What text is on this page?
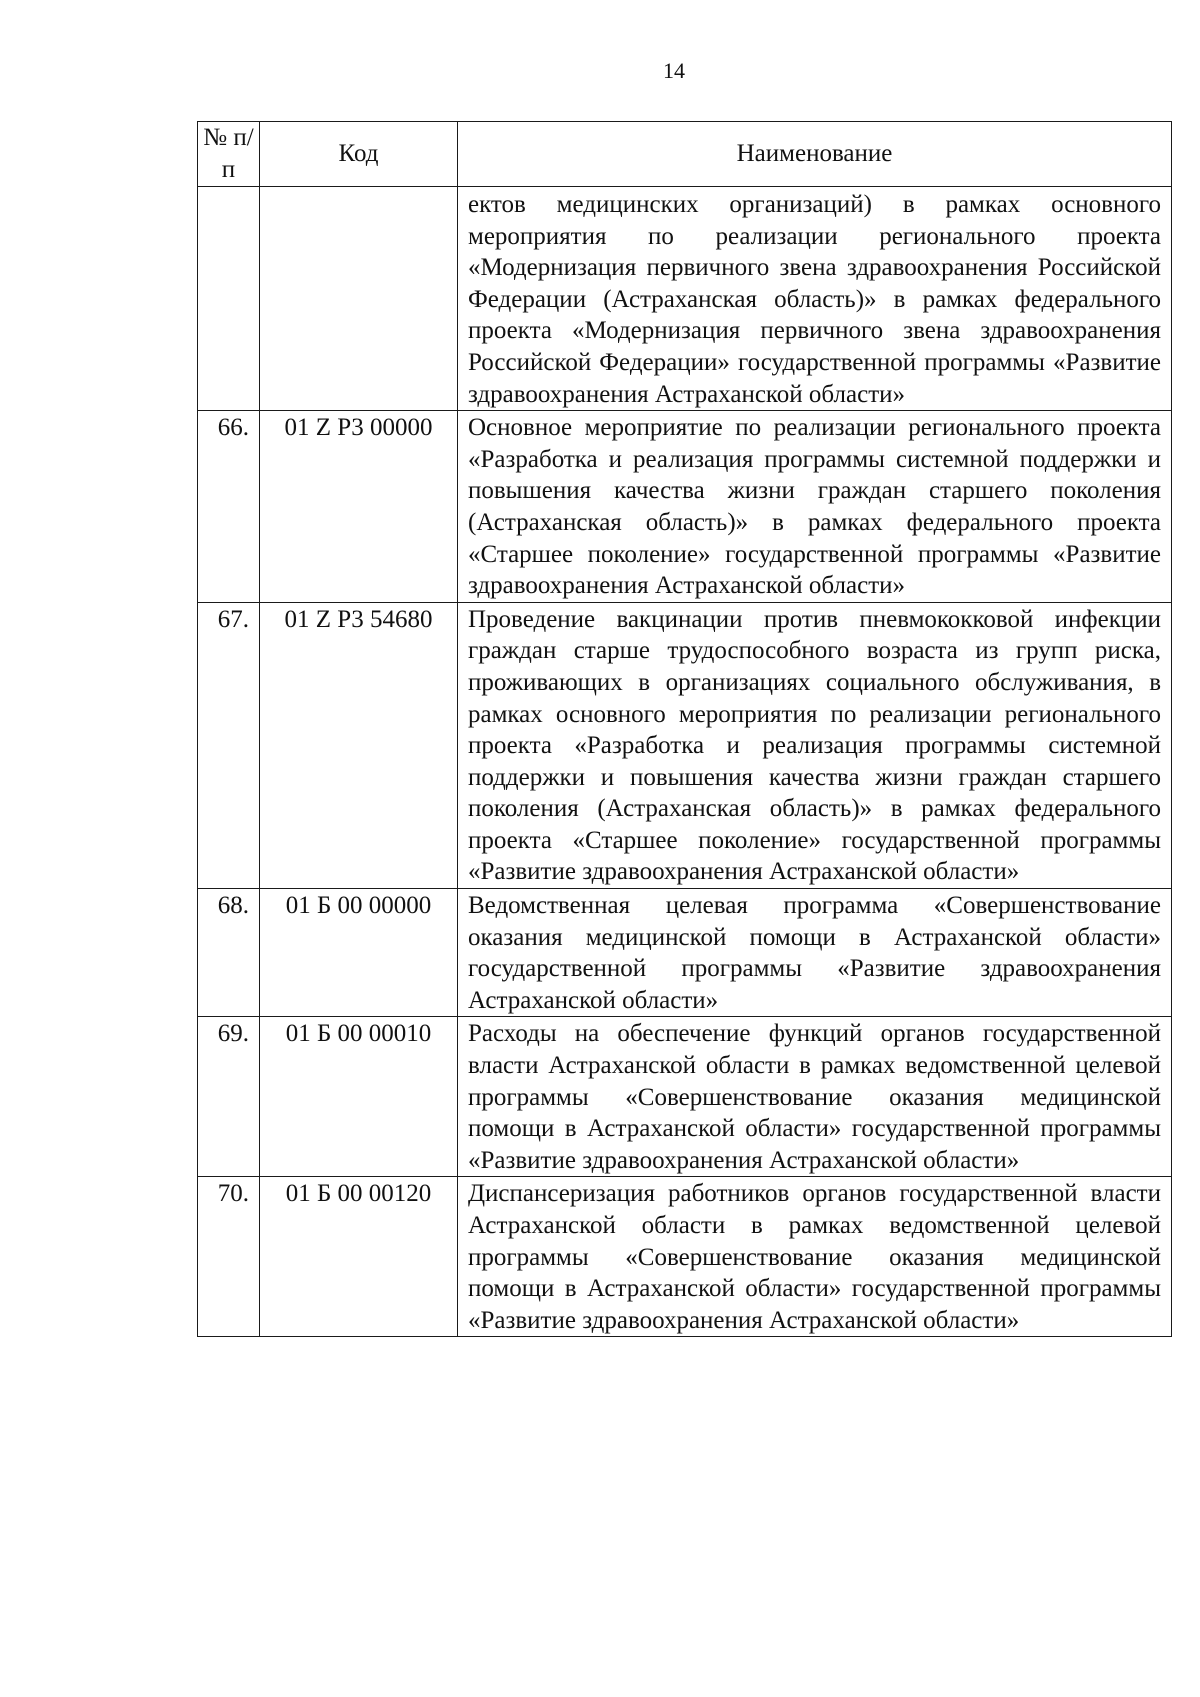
14
№ п/п	Код	Наименование
		ектов медицинских организаций) в рамках основного мероприятия по реализации регионального проекта «Модернизация первичного звена здравоохранения Российской Федерации (Астраханская область)» в рамках федерального проекта «Модернизация первичного звена здравоохранения Российской Федерации» государственной программы «Развитие здравоохранения Астраханской области»
66.	01 Z P3 00000	Основное мероприятие по реализации регионального проекта «Разработка и реализация программы системной поддержки и повышения качества жизни граждан старшего поколения (Астраханская область)» в рамках федерального проекта «Старшее поколение» государственной программы «Развитие здравоохранения Астраханской области»
67.	01 Z P3 54680	Проведение вакцинации против пневмококковой инфекции граждан старше трудоспособного возраста из групп риска, проживающих в организациях социального обслуживания, в рамках основного мероприятия по реализации регионального проекта «Разработка и реализация программы системной поддержки и повышения качества жизни граждан старшего поколения (Астраханская область)» в рамках федерального проекта «Старшее поколение» государственной программы «Развитие здравоохранения Астраханской области»
68.	01 Б 00 00000	Ведомственная целевая программа «Совершенствование оказания медицинской помощи в Астраханской области» государственной программы «Развитие здравоохранения Астраханской области»
69.	01 Б 00 00010	Расходы на обеспечение функций органов государственной власти Астраханской области в рамках ведомственной целевой программы «Совершенствование оказания медицинской помощи в Астраханской области» государственной программы «Развитие здравоохранения Астраханской области»
70.	01 Б 00 00120	Диспансеризация работников органов государственной власти Астраханской области в рамках ведомственной целевой программы «Совершенствование оказания медицинской помощи в Астраханской области» государственной программы «Развитие здравоохранения Астраханской области»
